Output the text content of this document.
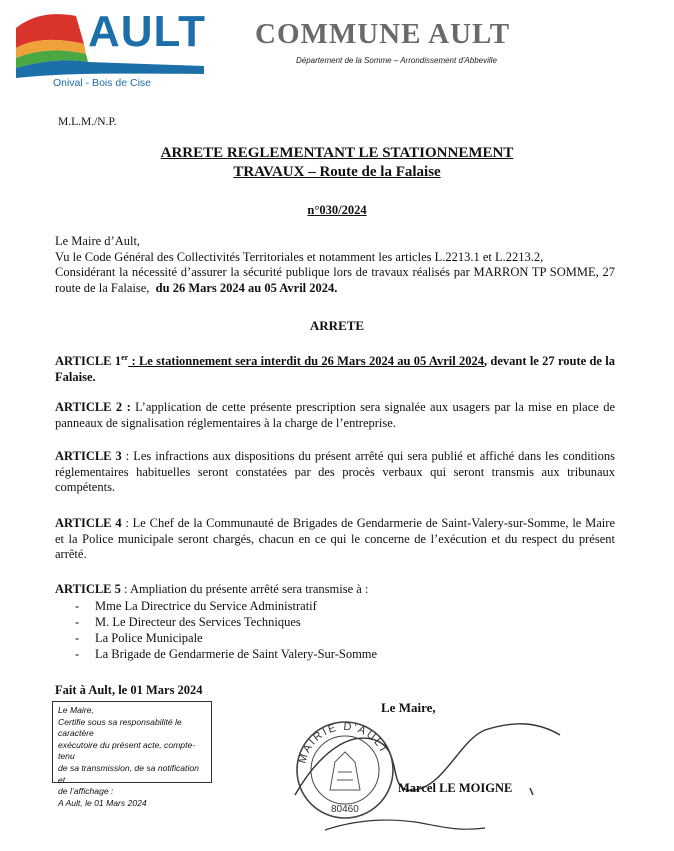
AULT
Onival - Bois de Cise
COMMUNE AULT
Département de la Somme – Arrondissement d'Abbeville
M.L.M./N.P.
ARRETE REGLEMENTANT LE STATIONNEMENT
TRAVAUX – Route de la Falaise
n°030/2024
Le Maire d’Ault,
Vu le Code Général des Collectivités Territoriales et notamment les articles L.2213.1 et L.2213.2,
Considérant la nécessité d’assurer la sécurité publique lors de travaux réalisés par MARRON TP SOMME, 27 route de la Falaise, du 26 Mars 2024 au 05 Avril 2024.
ARRETE
ARTICLE 1er : Le stationnement sera interdit du 26 Mars 2024 au 05 Avril 2024, devant le 27 route de la Falaise.
ARTICLE 2 : L’application de cette présente prescription sera signalée aux usagers par la mise en place de panneaux de signalisation réglementaires à la charge de l’entreprise.
ARTICLE 3 : Les infractions aux dispositions du présent arrêté qui sera publié et affiché dans les conditions réglementaires habituelles seront constatées par des procès verbaux qui seront transmis aux tribunaux compétents.
ARTICLE 4 : Le Chef de la Communauté de Brigades de Gendarmerie de Saint-Valery-sur-Somme, le Maire et la Police municipale seront chargés, chacun en ce qui le concerne de l’exécution et du respect du présent arrêté.
ARTICLE 5 : Ampliation du présente arrêté sera transmise à :
- Mme La Directrice du Service Administratif
- M. Le Directeur des Services Techniques
- La Police Municipale
- La Brigade de Gendarmerie de Saint Valery-Sur-Somme
Fait à Ault, le 01 Mars 2024
Le Maire,
Certifie sous sa responsabilité le caractère
exécutoire du présent acte, compte-tenu
de sa transmission, de sa notification et
de l’affichage :
A Ault, le 01 Mars 2024
Le Maire,
MAIRIE D'AULT
80460
Marcel LE MOIGNE
